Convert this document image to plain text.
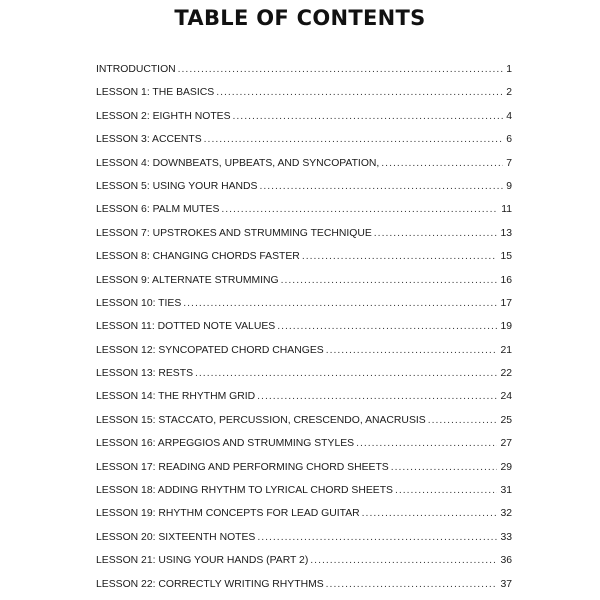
TABLE OF CONTENTS
INTRODUCTION .....	1
LESSON 1: THE BASICS .....	2
LESSON 2: EIGHTH NOTES .....	4
LESSON 3: ACCENTS .....	6
LESSON 4: DOWNBEATS, UPBEATS, AND SYNCOPATION, .....	7
LESSON 5: USING YOUR HANDS .....	9
LESSON 6: PALM MUTES .....	11
LESSON 7: UPSTROKES AND STRUMMING TECHNIQUE .....	13
LESSON 8: CHANGING CHORDS FASTER .....	15
LESSON 9: ALTERNATE STRUMMING .....	16
LESSON 10: TIES .....	17
LESSON 11: DOTTED NOTE VALUES .....	19
LESSON 12: SYNCOPATED CHORD CHANGES .....	21
LESSON 13: RESTS .....	22
LESSON 14: THE RHYTHM GRID .....	24
LESSON 15: STACCATO, PERCUSSION, CRESCENDO, ANACRUSIS .....	25
LESSON 16: ARPEGGIOS AND STRUMMING STYLES .....	27
LESSON 17: READING AND PERFORMING CHORD SHEETS .....	29
LESSON 18: ADDING RHYTHM TO LYRICAL CHORD SHEETS .....	31
LESSON 19: RHYTHM CONCEPTS FOR LEAD GUITAR .....	32
LESSON 20: SIXTEENTH NOTES .....	33
LESSON 21: USING YOUR HANDS (PART 2) .....	36
LESSON 22: CORRECTLY WRITING RHYTHMS .....	37
